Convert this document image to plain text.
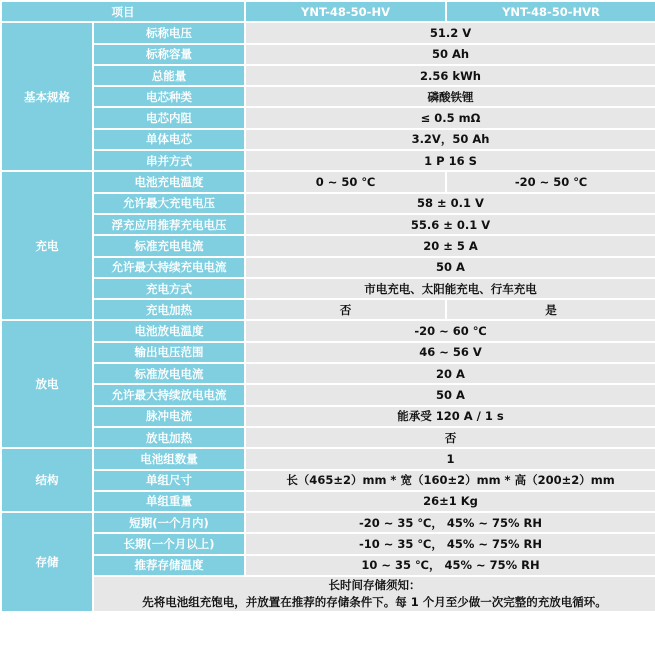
项目		YNT-48-50-HV	YNT-48-50-HVR
基本规格	标称电压	51.2 V	
	标称容量	50 Ah	
	总能量	2.56 kWh	
	电芯种类	磷酸铁锂	
	电芯内阻	≤ 0.5 mΩ	
	单体电芯	3.2V，50 Ah	
	串并方式	1 P 16 S	
充电	电池充电温度	0 ~ 50 ℃	-20 ~ 50 ℃
	允许最大充电电压	58 ± 0.1 V	
	浮充应用推荐充电电压	55.6 ± 0.1 V	
	标准充电电流	20 ± 5 A	
	允许最大持续充电电流	50 A	
	充电方式	市电充电、太阳能充电、行车充电	
	充电加热	否	是
放电	电池放电温度	-20 ~ 60 ℃	
	输出电压范围	46 ~ 56 V	
	标准放电电流	20 A	
	允许最大持续放电电流	50 A	
	脉冲电流	能承受 120 A / 1 s	
	放电加热	否	
结构	电池组数量	1	
	单组尺寸	长（465±2）mm * 宽（160±2）mm * 高（200±2）mm	
	单组重量	26±1 Kg	
存储	短期(一个月内)	-20 ~ 35 ℃， 45% ~ 75% RH	
	长期(一个月以上)	-10 ~ 35 ℃， 45% ~ 75% RH	
	推荐存储温度	10 ~ 35 ℃， 45% ~ 75% RH	

	长时间存储须知：
先将电池组充饱电，并放置在推荐的存储条件下。每 1 个月至少做一次完整的充放电循环。		
